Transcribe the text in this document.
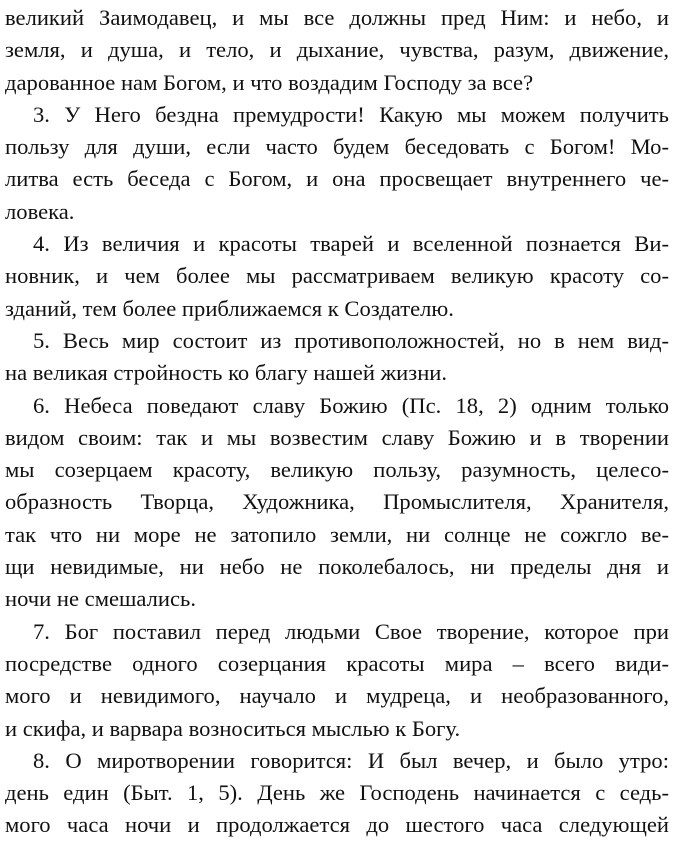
великий Заимодавец, и мы все должны пред Ним: и небо, и
земля, и душа, и тело, и дыхание, чувства, разум, движение,
дарованное нам Богом, и что воздадим Господу за все?
3. У Него бездна премудрости! Какую мы можем получить
пользу для души, если часто будем беседовать с Богом! Мо-
литва есть беседа с Богом, и она просвещает внутреннего че-
ловека.
4. Из величия и красоты тварей и вселенной познается Ви-
новник, и чем более мы рассматриваем великую красоту со-
зданий, тем более приближаемся к Создателю.
5. Весь мир состоит из противоположностей, но в нем вид-
на великая стройность ко благу нашей жизни.
6. Небеса поведают славу Божию (Пс. 18, 2) одним только
видом своим: так и мы возвестим славу Божию и в творении
мы созерцаем красоту, великую пользу, разумность, целесо-
образность Творца, Художника, Промыслителя, Хранителя,
так что ни море не затопило земли, ни солнце не сожгло ве-
щи невидимые, ни небо не поколебалось, ни пределы дня и
ночи не смешались.
7. Бог поставил перед людьми Свое творение, которое при
посредстве одного созерцания красоты мира – всего види-
мого и невидимого, научало и мудреца, и необразованного,
и скифа, и варвара возноситься мыслью к Богу.
8. О миротворении говорится: И был вечер, и было утро:
день един (Быт. 1, 5). День же Господень начинается с седь-
мого часа ночи и продолжается до шестого часа следующей
